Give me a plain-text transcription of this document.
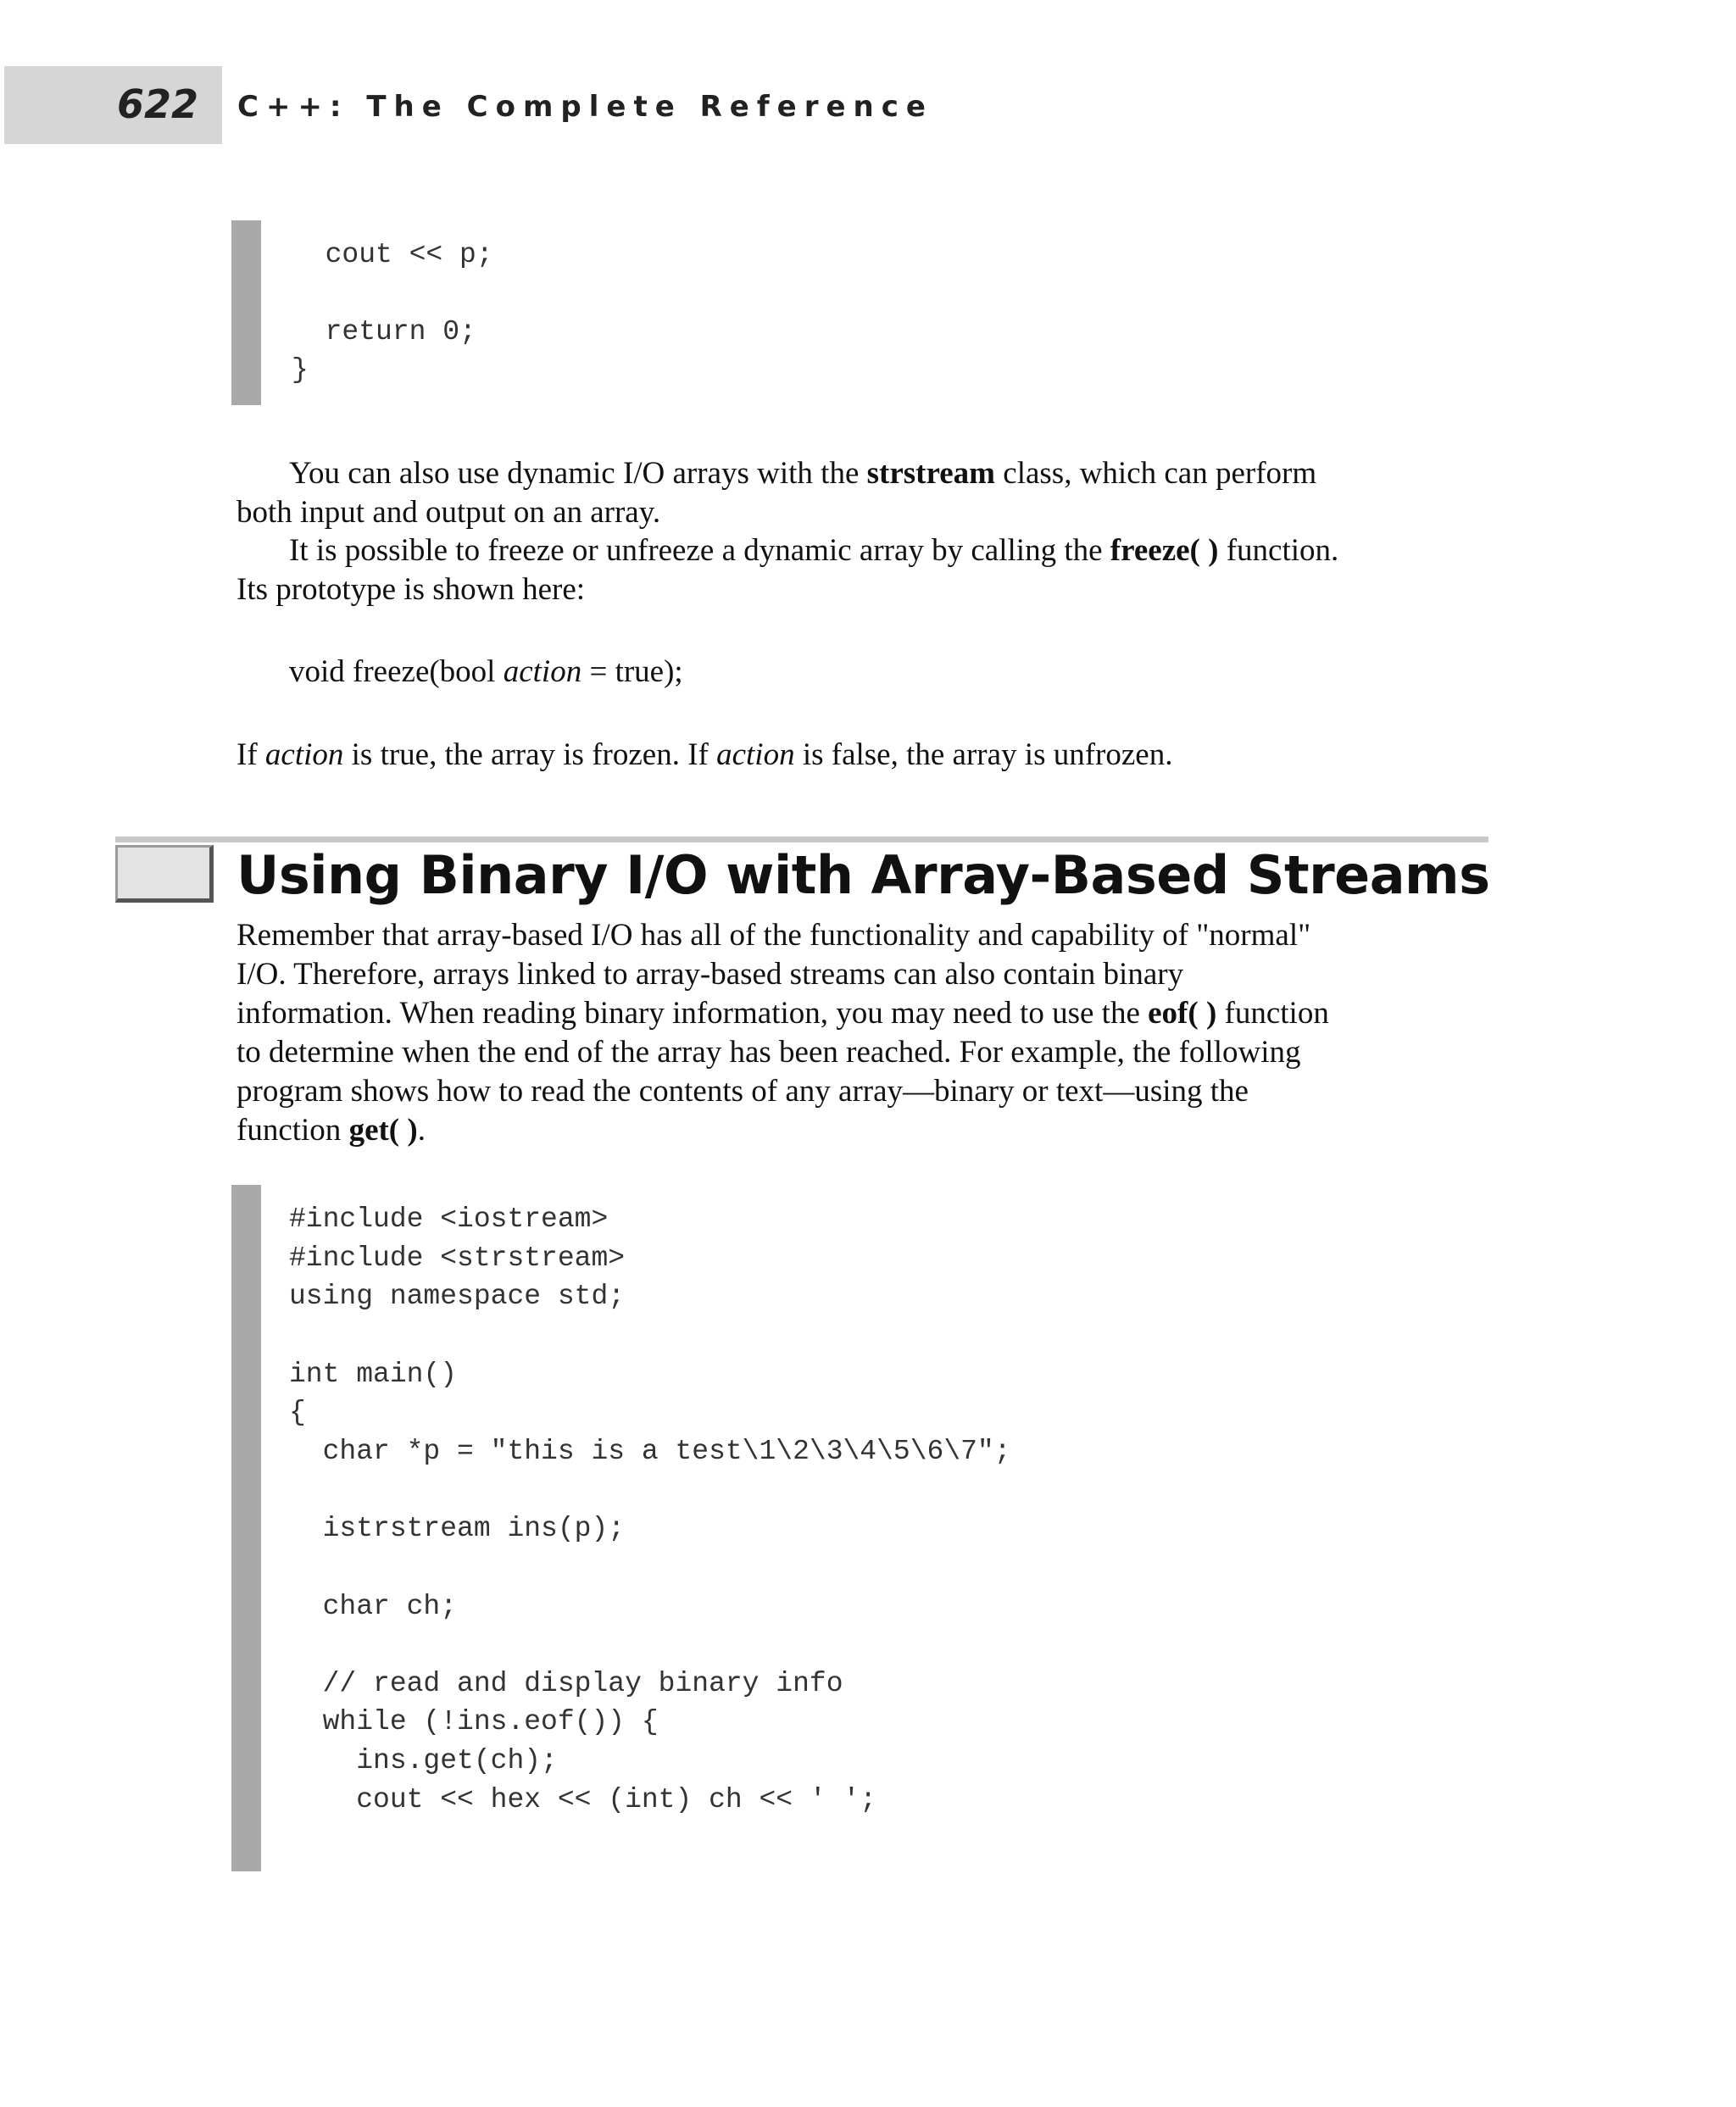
622 C++: The Complete Reference
cout << p;
return 0;
}
You can also use dynamic I/O arrays with the strstream class, which can perform
both input and output on an array.
It is possible to freeze or unfreeze a dynamic array by calling the freeze( ) function.
Its prototype is shown here:
void freeze(bool action = true);
If action is true, the array is frozen. If action is false, the array is unfrozen.
Using Binary I/O with Array-Based Streams
Remember that array-based I/O has all of the functionality and capability of "normal"
I/O. Therefore, arrays linked to array-based streams can also contain binary
information. When reading binary information, you may need to use the eof( ) function
to determine when the end of the array has been reached. For example, the following
program shows how to read the contents of any array—binary or text—using the
function get( ).
#include <iostream>
#include <strstream>
using namespace std;
int main()
{
char *p = "this is a test\1\2\3\4\5\6\7";
istrstream ins(p);
char ch;
// read and display binary info
while (!ins.eof()) {
ins.get(ch);
cout << hex << (int) ch << ' ';
